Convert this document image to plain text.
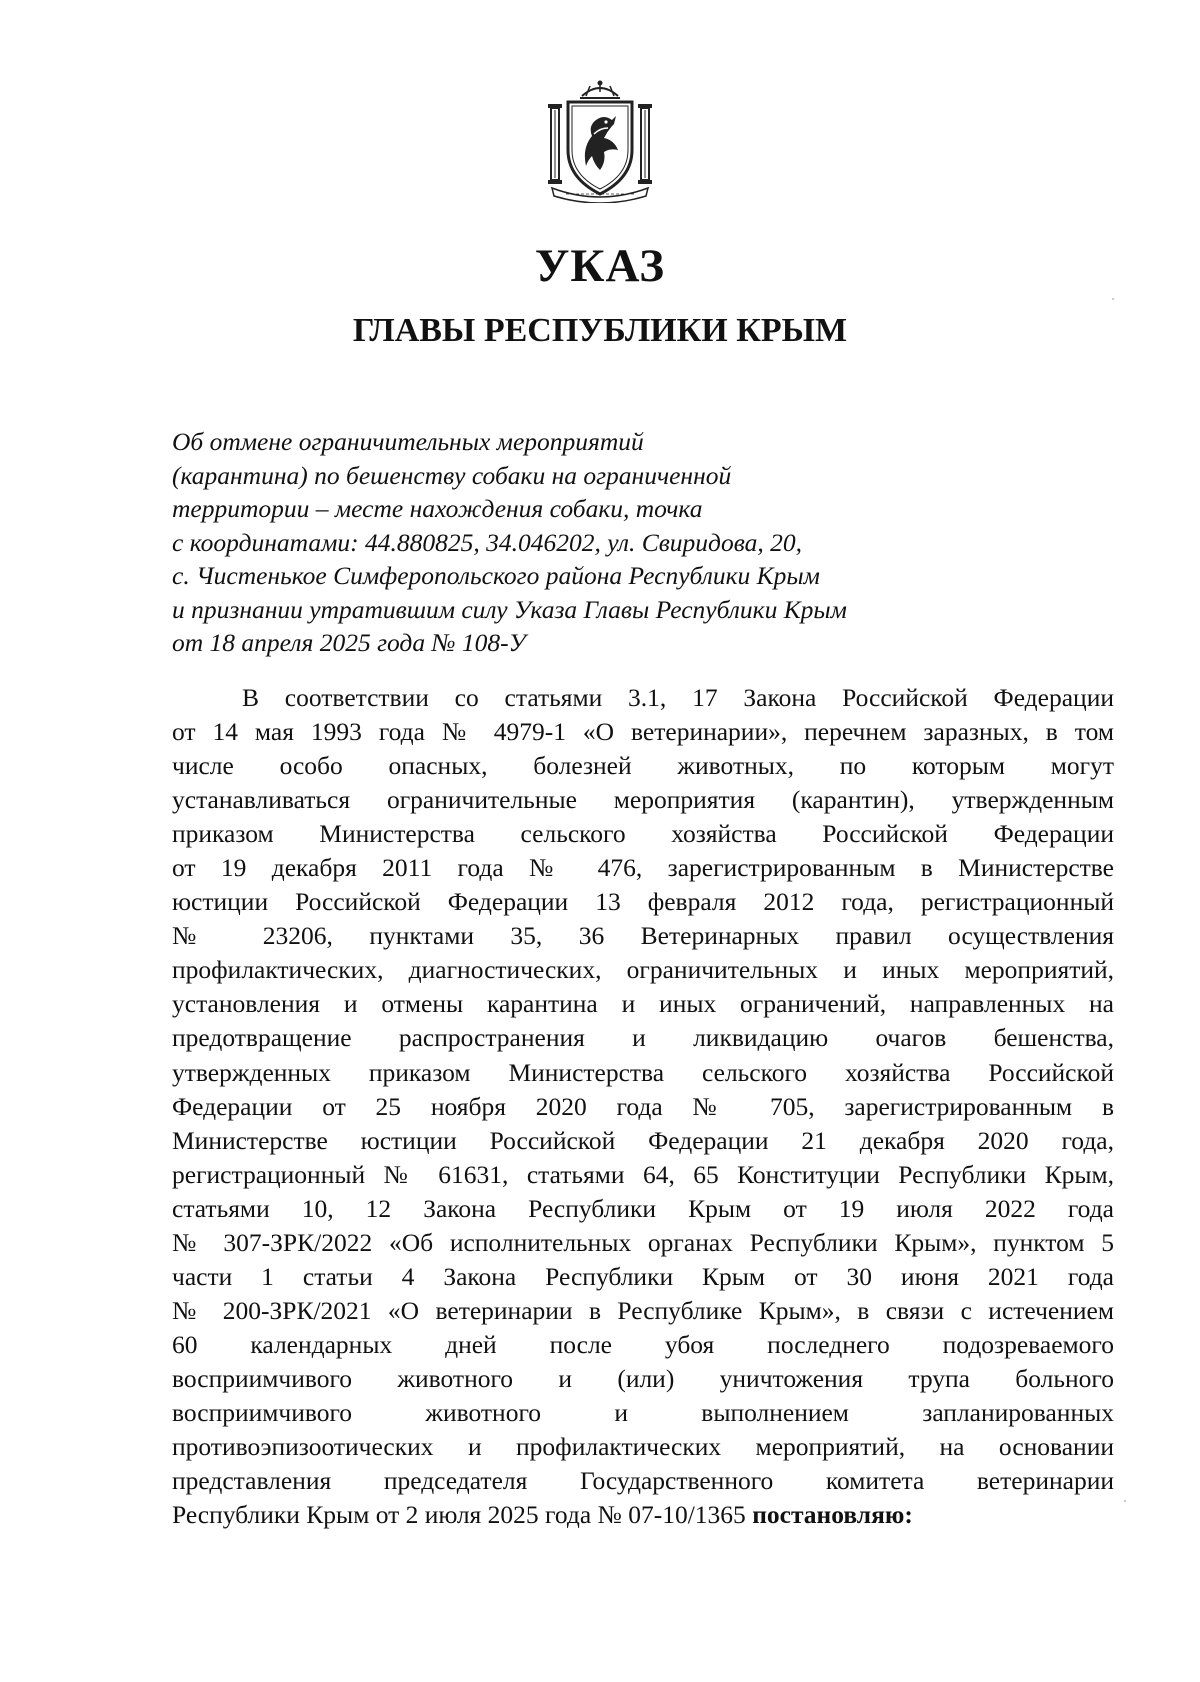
УКАЗ
ГЛАВЫ РЕСПУБЛИКИ КРЫМ
Об отмене ограничительных мероприятий
(карантина) по бешенству собаки на ограниченной
территории – месте нахождения собаки, точка
с координатами: 44.880825, 34.046202, ул. Свиридова, 20,
с. Чистенькое Симферопольского района Республики Крым
и признании утратившим силу Указа Главы Республики Крым
от 18 апреля 2025 года № 108-У
В соответствии со статьями 3.1, 17 Закона Российской Федерации
от 14 мая 1993 года № 4979-1 «О ветеринарии», перечнем заразных, в том
числе особо опасных, болезней животных, по которым могут
устанавливаться ограничительные мероприятия (карантин), утвержденным
приказом Министерства сельского хозяйства Российской Федерации
от 19 декабря 2011 года № 476, зарегистрированным в Министерстве
юстиции Российской Федерации 13 февраля 2012 года, регистрационный
№ 23206, пунктами 35, 36 Ветеринарных правил осуществления
профилактических, диагностических, ограничительных и иных мероприятий,
установления и отмены карантина и иных ограничений, направленных на
предотвращение распространения и ликвидацию очагов бешенства,
утвержденных приказом Министерства сельского хозяйства Российской
Федерации от 25 ноября 2020 года № 705, зарегистрированным в
Министерстве юстиции Российской Федерации 21 декабря 2020 года,
регистрационный № 61631, статьями 64, 65 Конституции Республики Крым,
статьями 10, 12 Закона Республики Крым от 19 июля 2022 года
№ 307-ЗРК/2022 «Об исполнительных органах Республики Крым», пунктом 5
части 1 статьи 4 Закона Республики Крым от 30 июня 2021 года
№ 200-ЗРК/2021 «О ветеринарии в Республике Крым», в связи с истечением
60 календарных дней после убоя последнего подозреваемого
восприимчивого животного и (или) уничтожения трупа больного
восприимчивого животного и выполнением запланированных
противоэпизоотических и профилактических мероприятий, на основании
представления председателя Государственного комитета ветеринарии
Республики Крым от 2 июля 2025 года № 07-10/1365 постановляю:
